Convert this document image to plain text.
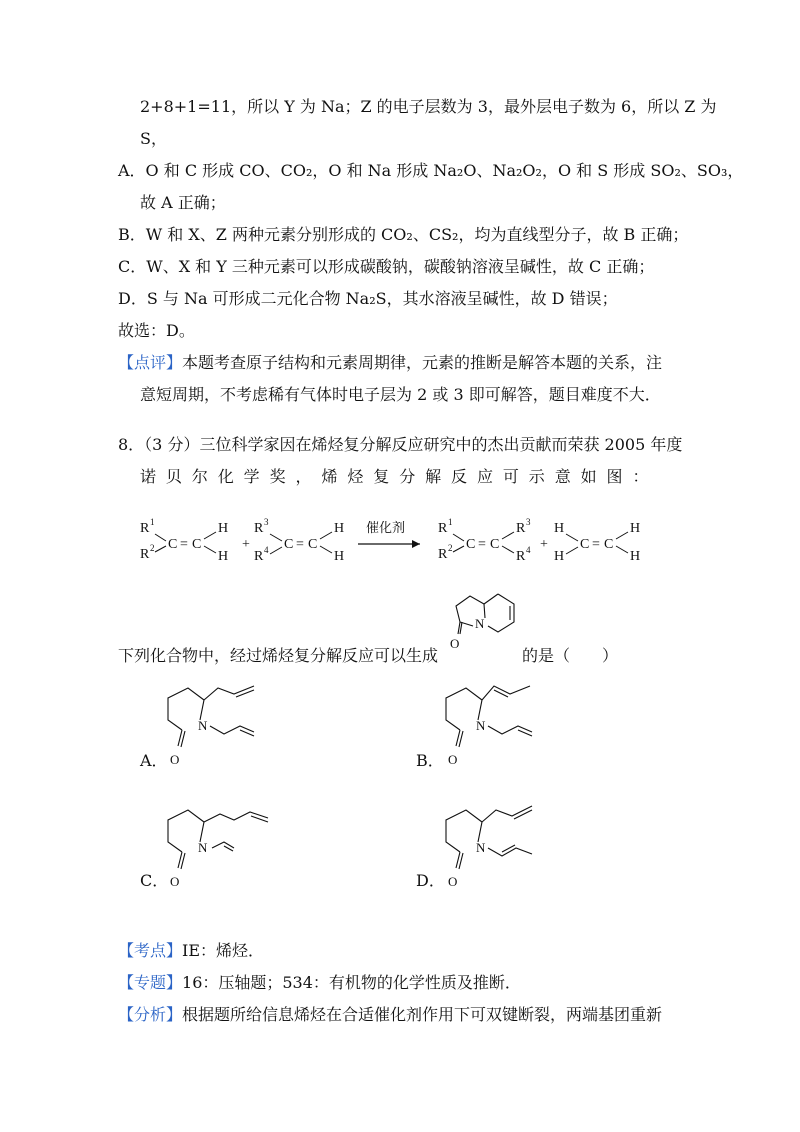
2+8+1=11，所以 Y 为 Na；Z 的电子层数为 3，最外层电子数为 6，所以 Z 为
S，
A．O 和 C 形成 CO、CO₂，O 和 Na 形成 Na₂O、Na₂O₂，O 和 S 形成 SO₂、SO₃，
故 A 正确；
B．W 和 X、Z 两种元素分别形成的 CO₂、CS₂，均为直线型分子，故 B 正确；
C．W、X 和 Y 三种元素可以形成碳酸钠，碳酸钠溶液呈碱性，故 C 正确；
D．S 与 Na 可形成二元化合物 Na₂S，其水溶液呈碱性，故 D 错误；
故选：D。
【点评】本题考查原子结构和元素周期律，元素的推断是解答本题的关系，注
意短周期，不考虑稀有气体时电子层为 2 或 3 即可解答，题目难度不大．
8．（3 分）三位科学家因在烯烃复分解反应研究中的杰出贡献而荣获 2005 年度
诺贝尔化学奖，烯烃复分解反应可示意如图：
R 1
R 2 C = C
H
H
+
R 3
R 4 C = C
H
H
催化剂 R 1
R 2 C = C
R 3
R 4 +
H
H
C = C
H
H
N
O
下列化合物中，经过烯烃复分解反应可以生成	的是（　　）
A．
N
O	B．
N
O
C．
N
O	D．
N
O
【考点】IE：烯烃．
【专题】16：压轴题；534：有机物的化学性质及推断．
【分析】根据题所给信息烯烃在合适催化剂作用下可双键断裂，两端基团重新
